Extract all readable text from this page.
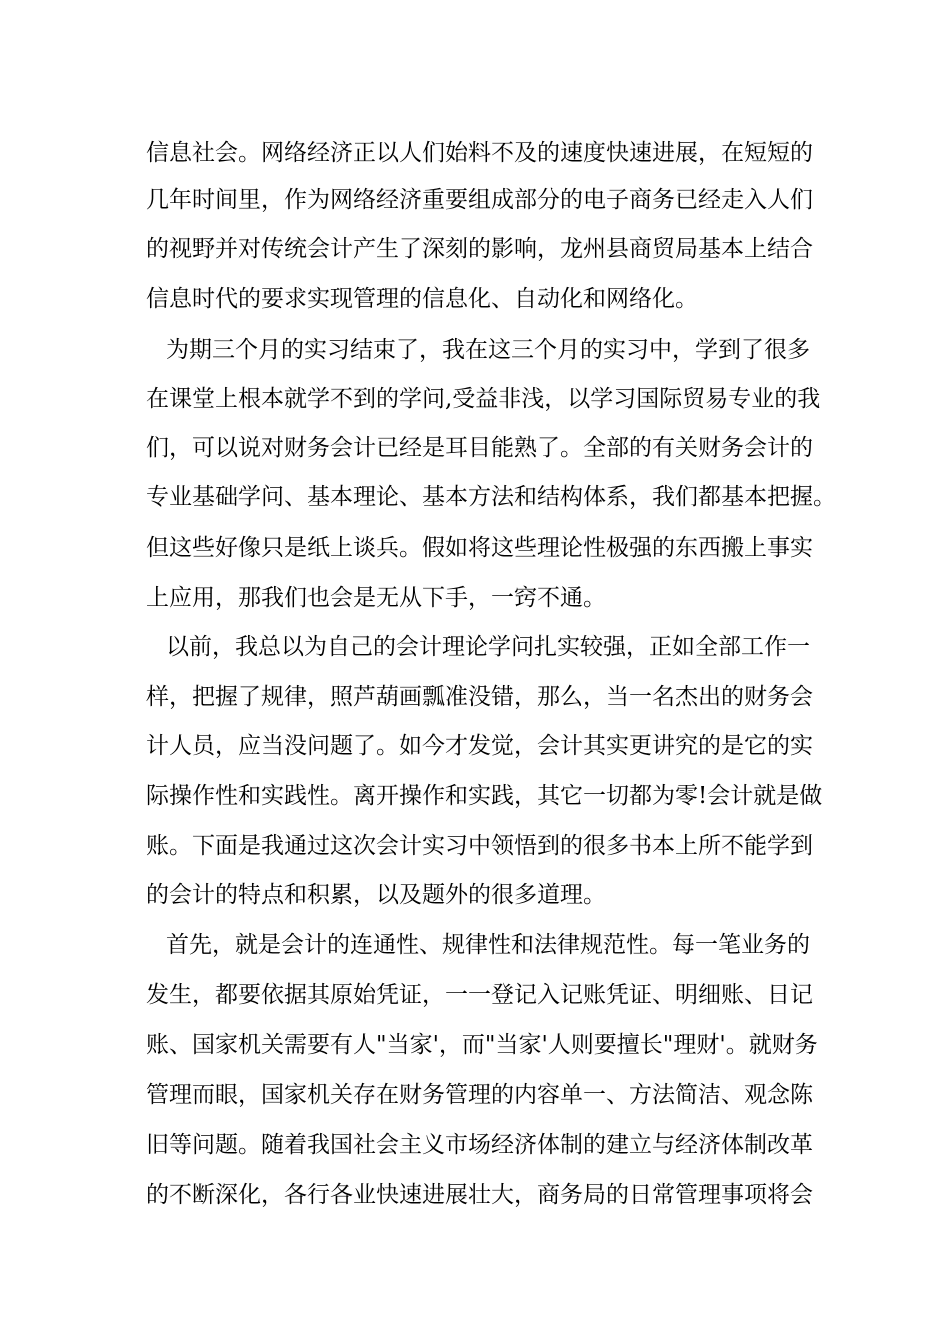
信息社会。网络经济正以人们始料不及的速度快速进展，在短短的
几年时间里，作为网络经济重要组成部分的电子商务已经走入人们
的视野并对传统会计产生了深刻的影响，龙州县商贸局基本上结合
信息时代的要求实现管理的信息化、自动化和网络化。
为期三个月的实习结束了，我在这三个月的实习中，学到了很多
在课堂上根本就学不到的学问,受益非浅，以学习国际贸易专业的我
们，可以说对财务会计已经是耳目能熟了。全部的有关财务会计的
专业基础学问、基本理论、基本方法和结构体系，我们都基本把握。
但这些好像只是纸上谈兵。假如将这些理论性极强的东西搬上事实
上应用，那我们也会是无从下手，一窍不通。
以前，我总以为自己的会计理论学问扎实较强，正如全部工作一
样，把握了规律，照芦葫画瓢准没错，那么，当一名杰出的财务会
计人员，应当没问题了。如今才发觉，会计其实更讲究的是它的实
际操作性和实践性。离开操作和实践，其它一切都为零!会计就是做
账。下面是我通过这次会计实习中领悟到的很多书本上所不能学到
的会计的特点和积累，以及题外的很多道理。
首先，就是会计的连通性、规律性和法律规范性。每一笔业务的
发生，都要依据其原始凭证，一一登记入记账凭证、明细账、日记
账、国家机关需要有人"当家'，而"当家'人则要擅长"理财'。就财务
管理而眼，国家机关存在财务管理的内容单一、方法简洁、观念陈
旧等问题。随着我国社会主义市场经济体制的建立与经济体制改革
的不断深化，各行各业快速进展壮大，商务局的日常管理事项将会
